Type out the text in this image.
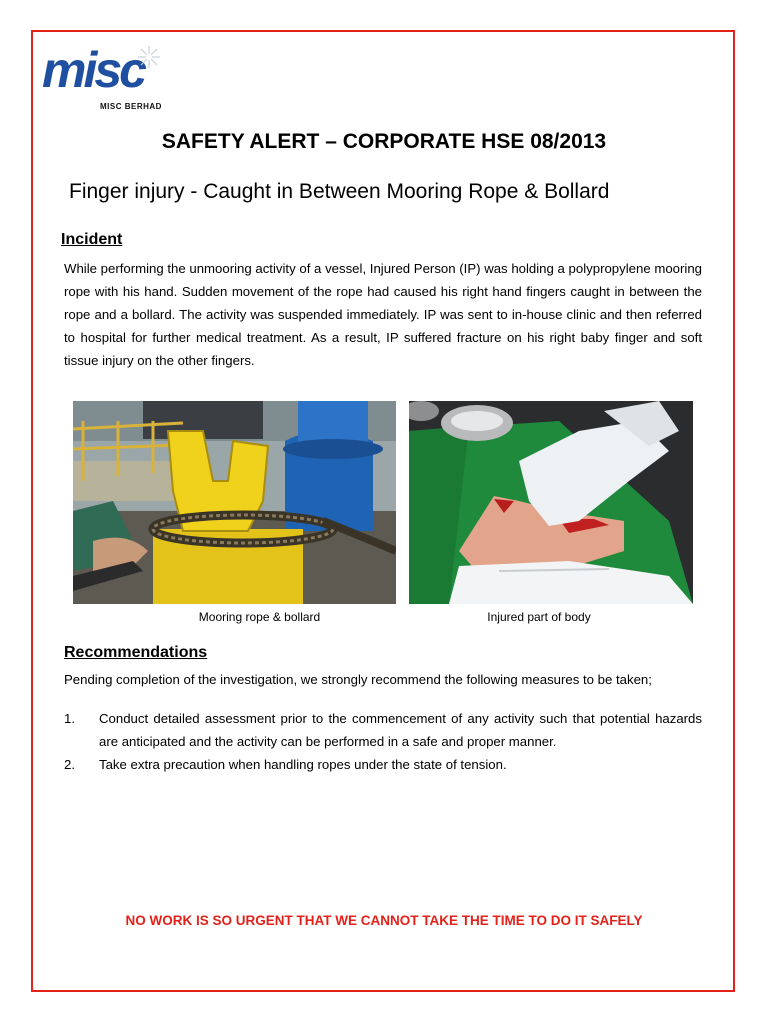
misc
MISC BERHAD
SAFETY ALERT – CORPORATE HSE 08/2013
Finger injury - Caught in Between Mooring Rope & Bollard
Incident
While performing the unmooring activity of a vessel, Injured Person (IP) was holding a polypropylene mooring rope with his hand. Sudden movement of the rope had caused his right hand fingers caught in between the rope and a bollard. The activity was suspended immediately. IP was sent to in-house clinic and then referred to hospital for further medical treatment. As a result, IP suffered fracture on his right baby finger and soft tissue injury on the other fingers.
Mooring rope & bollard	Injured part of body
Recommendations
Pending completion of the investigation, we strongly recommend the following measures to be taken;
1.	Conduct detailed assessment prior to the commencement of any activity such that potential hazards are anticipated and the activity can be performed in a safe and proper manner.
2.	Take extra precaution when handling ropes under the state of tension.
NO WORK IS SO URGENT THAT WE CANNOT TAKE THE TIME TO DO IT SAFELY
